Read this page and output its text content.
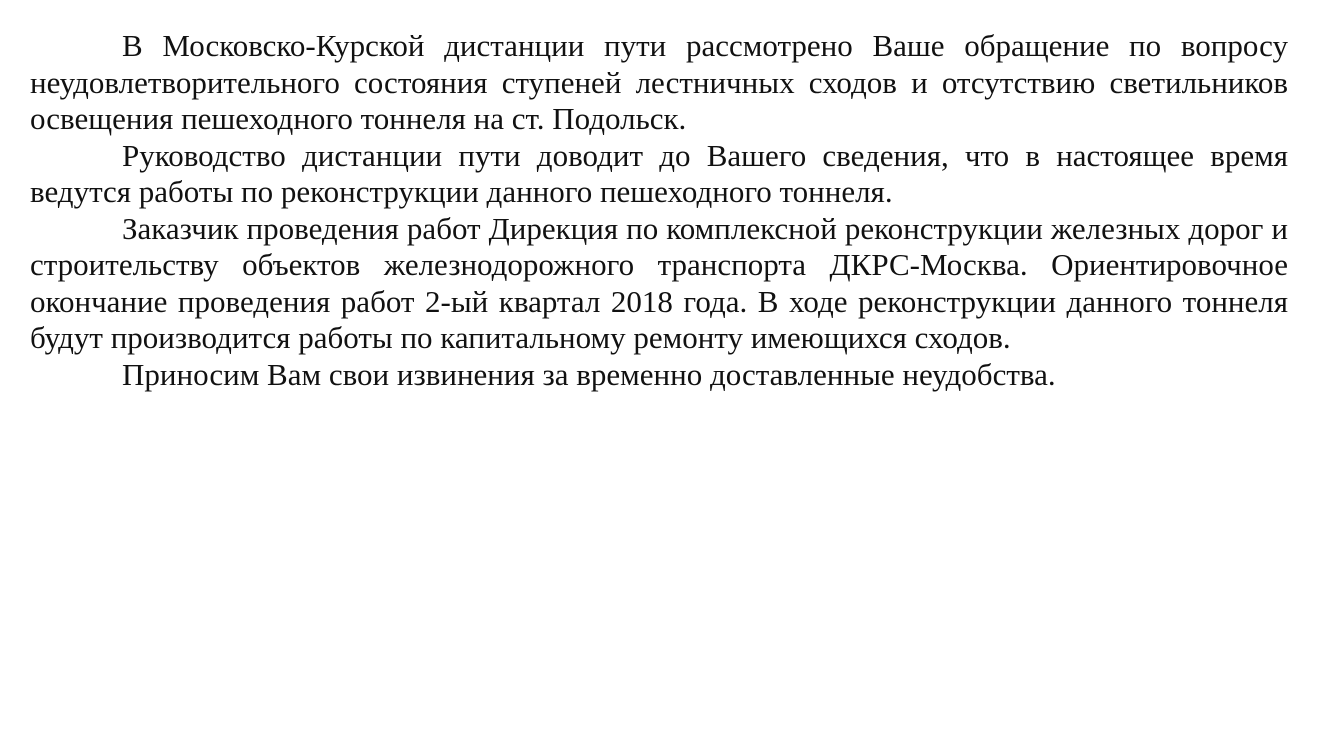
В Московско-Курской дистанции пути рассмотрено Ваше обращение по вопросу неудовлетворительного состояния ступеней лестничных сходов и отсутствию светильников освещения пешеходного тоннеля на ст. Подольск.

Руководство дистанции пути доводит до Вашего сведения, что в настоящее время ведутся работы по реконструкции данного пешеходного тоннеля.

Заказчик проведения работ Дирекция по комплексной реконструкции железных дорог и строительству объектов железнодорожного транспорта ДКРС-Москва. Ориентировочное окончание проведения работ 2-ый квартал 2018 года. В ходе реконструкции данного тоннеля будут производится работы по капитальному ремонту имеющихся сходов.

Приносим Вам свои извинения за временно доставленные неудобства.
